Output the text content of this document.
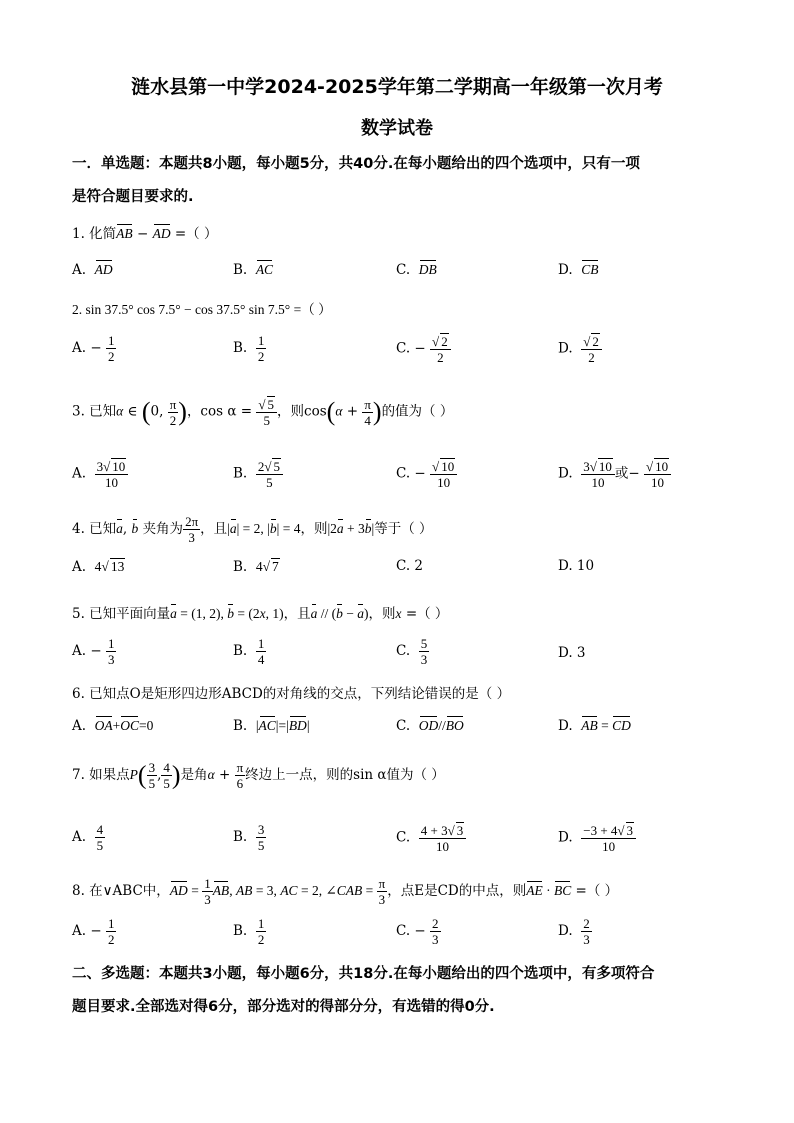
涟水县第一中学2024-2025学年第二学期高一年级第一次月考
数学试卷
一．单选题：本题共8小题，每小题5分，共40分.在每小题给出的四个选项中，只有一项
是符合题目要求的.
1. 化简AB − AD =（ ）
A. AD	B. AC	C. DB	D. CB
2. sin 37.5° cos 7.5° − cos 37.5° sin 7.5° =（ ）
A. − $\frac{1}{2}$	B. $\frac{1}{2}$	C. − $\frac{√ 2}{2}$	D. $\frac{√ 2}{2}$
3. 已知α ∈ (0, $\frac{\pi}{2}$ )，$\cos \alpha = \frac{√ 5}{5}$ ，则$\cos(\alpha + \frac{\pi}{4}$ )的值为（ ）
A. $\frac{3√ 10}{10}$	B. $\frac{2√ 5}{5}$	C. − $\frac{√ 10}{10}$	D. $\frac{3√ 10}{10}$ 或− $\frac{√ 10}{10}$
4. 已知a, b 夹角为 $\frac{2\pi}{3}$ ，且|a| = 2, |b| = 4，则|2a + 3b|等于（ ）
A. 4√ 13	B. 4√ 7	C. 2	D. 10
5. 已知平面向量a = (1, 2), b = (2x, 1)，且a // (b − a)，则x =（ ）
A. − $\frac{1}{3}$	B. $\frac{1}{4}$	C. $\frac{5}{3}$	D. 3
6. 已知点O是矩形四边形ABCD的对角线的交点，下列结论错误的是（ ）
A. OA+OC=0	B. |AC|=|BD|	C. OD//BO	D. AB = CD
7. 如果点$P( \frac{3}{5}$ , $\frac{4}{5}$ )是角$\alpha + \frac{\pi}{6}$ 终边上一点，则的sin α值为（ ）
A. $\frac{4}{5}$	B. $\frac{3}{5}$	C. $\frac{4 + 3√ 3}{10}$	D. $\frac{-3 + 4√ 3}{10}$
8. 在∨ABC中，AD = $\frac{1}{3}$ AB, AB = 3, AC = 2, ∠CAB = $\frac{\pi}{3}$ ，点E是CD的中点，则AE · BC =（ ）
A. − $\frac{1}{2}$	B. $\frac{1}{2}$	C. − $\frac{2}{3}$	D. $\frac{2}{3}$
二、多选题：本题共3小题，每小题6分，共18分.在每小题给出的四个选项中，有多项符合
题目要求.全部选对得6分，部分选对的得部分分，有选错的得0分.
